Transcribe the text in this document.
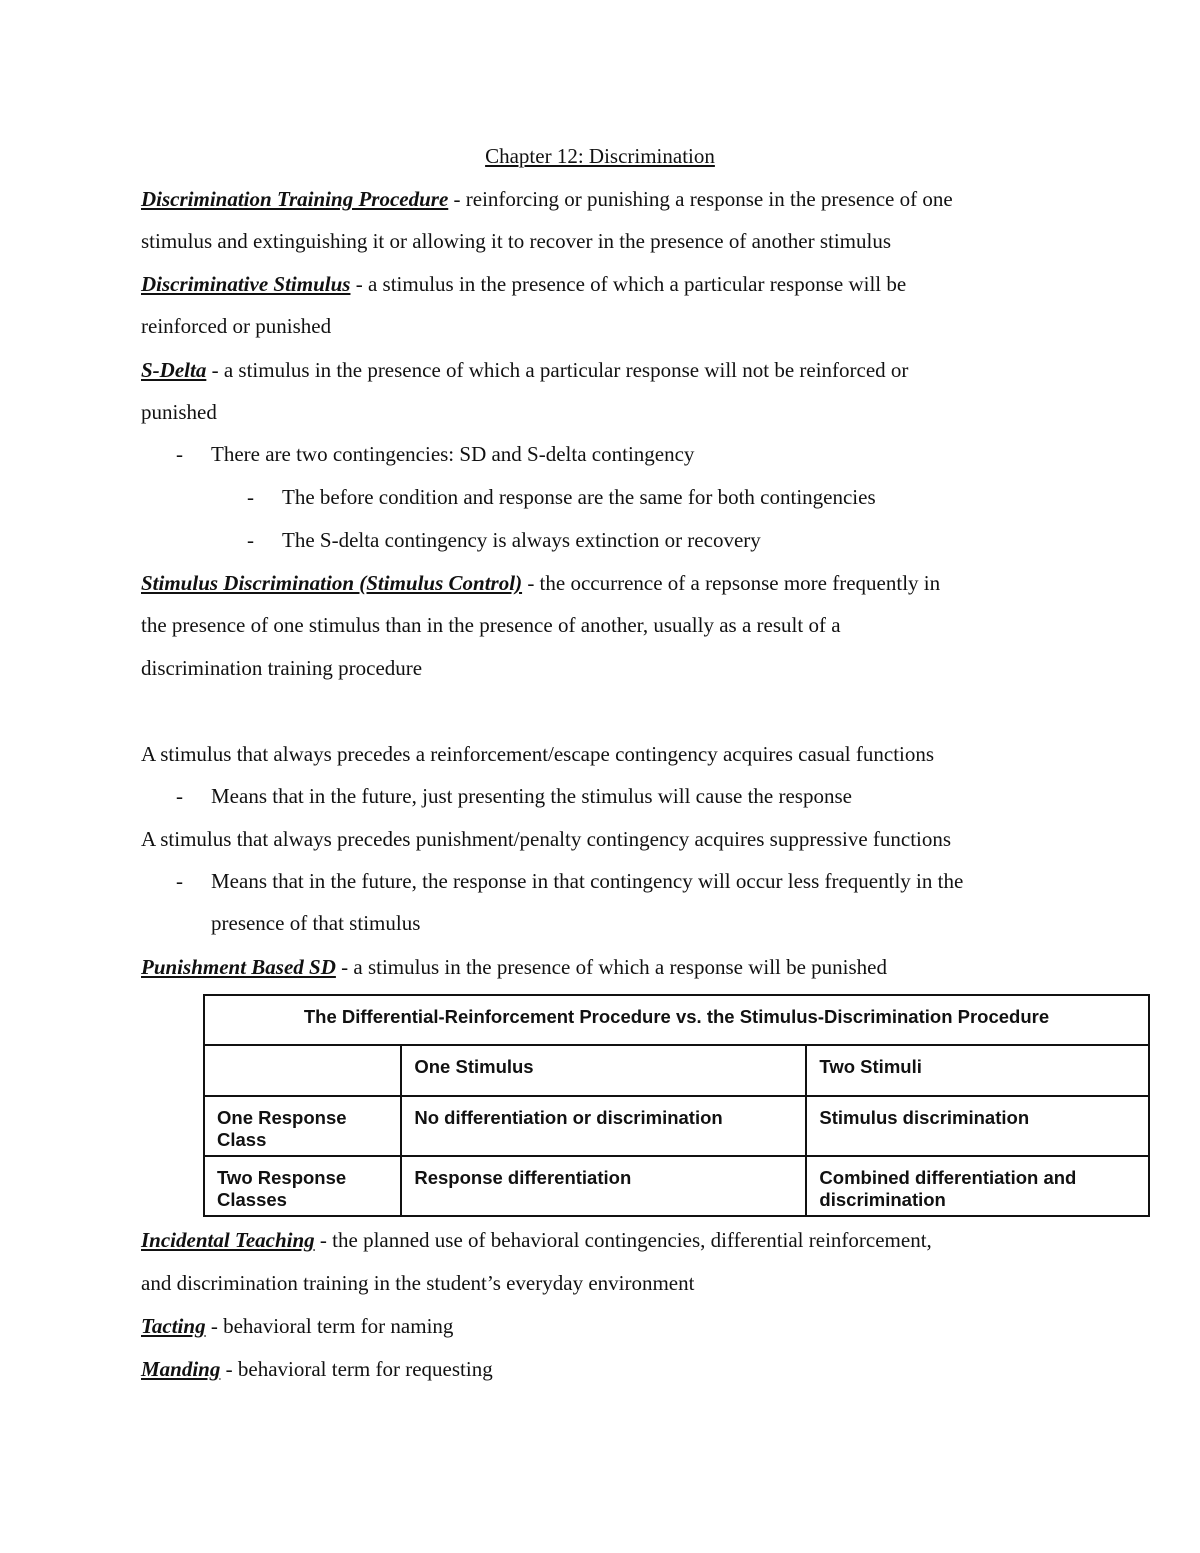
Chapter 12: Discrimination
Discrimination Training Procedure - reinforcing or punishing a response in the presence of one
stimulus and extinguishing it or allowing it to recover in the presence of another stimulus
Discriminative Stimulus - a stimulus in the presence of which a particular response will be
reinforced or punished
S-Delta - a stimulus in the presence of which a particular response will not be reinforced or
punished
- There are two contingencies: SD and S-delta contingency
- The before condition and response are the same for both contingencies
- The S-delta contingency is always extinction or recovery
Stimulus Discrimination (Stimulus Control) - the occurrence of a repsonse more frequently in
the presence of one stimulus than in the presence of another, usually as a result of a
discrimination training procedure
A stimulus that always precedes a reinforcement/escape contingency acquires casual functions
- Means that in the future, just presenting the stimulus will cause the response
A stimulus that always precedes punishment/penalty contingency acquires suppressive functions
- Means that in the future, the response in that contingency will occur less frequently in the
presence of that stimulus
Punishment Based SD - a stimulus in the presence of which a response will be punished
The Differential-Reinforcement Procedure vs. the Stimulus-Discrimination Procedure		
	One Stimulus	Two Stimuli
One Response Class	No differentiation or discrimination	Stimulus discrimination
Two Response Classes	Response differentiation	Combined differentiation and discrimination
Incidental Teaching - the planned use of behavioral contingencies, differential reinforcement,
and discrimination training in the student’s everyday environment
Tacting - behavioral term for naming
Manding - behavioral term for requesting
